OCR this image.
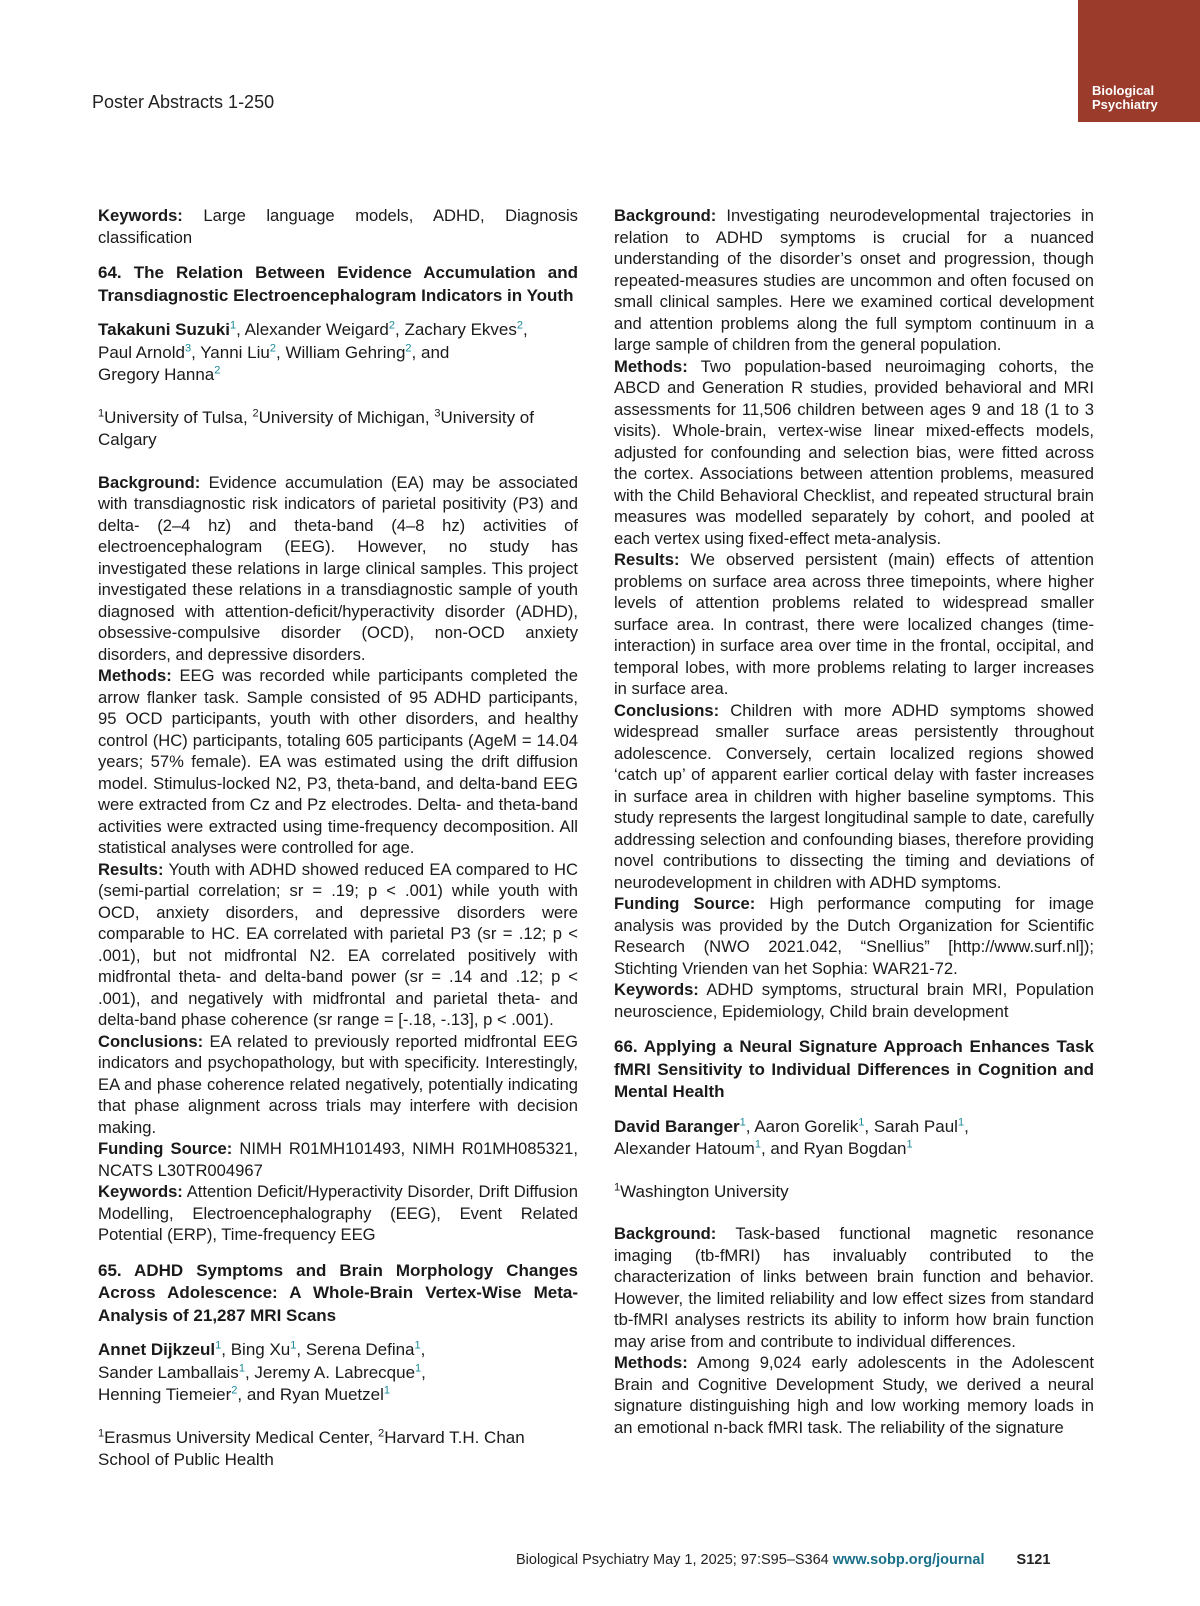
Poster Abstracts 1-250
Biological
Psychiatry

Keywords: Large language models, ADHD, Diagnosis classification

64. The Relation Between Evidence Accumulation and Transdiagnostic Electroencephalogram Indicators in Youth
Takakuni Suzuki$^1$, Alexander Weigard$^2$, Zachary Ekves$^2$,
Paul Arnold$^3$, Yanni Liu$^2$, William Gehring$^2$, and
Gregory Hanna$^2$
$^1$University of Tulsa, $^2$University of Michigan, $^3$University of Calgary

Background: Evidence accumulation (EA) may be associated with transdiagnostic risk indicators of parietal positivity (P3) and delta- (2–4 hz) and theta-band (4–8 hz) activities of electroencephalogram (EEG). However, no study has investigated these relations in large clinical samples. This project investigated these relations in a transdiagnostic sample of youth diagnosed with attention-deficit/hyperactivity disorder (ADHD), obsessive-compulsive disorder (OCD), non-OCD anxiety disorders, and depressive disorders.

Methods: EEG was recorded while participants completed the arrow flanker task. Sample consisted of 95 ADHD participants, 95 OCD participants, youth with other disorders, and healthy control (HC) participants, totaling 605 participants (AgeM = 14.04 years; 57% female). EA was estimated using the drift diffusion model. Stimulus-locked N2, P3, theta-band, and delta-band EEG were extracted from Cz and Pz electrodes. Delta- and theta-band activities were extracted using time-frequency decomposition. All statistical analyses were controlled for age.

Results: Youth with ADHD showed reduced EA compared to HC (semi-partial correlation; sr = .19; p < .001) while youth with OCD, anxiety disorders, and depressive disorders were comparable to HC. EA correlated with parietal P3 (sr = .12; p < .001), but not midfrontal N2. EA correlated positively with midfrontal theta- and delta-band power (sr = .14 and .12; p < .001), and negatively with midfrontal and parietal theta- and delta-band phase coherence (sr range = [-.18, -.13], p < .001).

Conclusions: EA related to previously reported midfrontal EEG indicators and psychopathology, but with specificity. Interestingly, EA and phase coherence related negatively, potentially indicating that phase alignment across trials may interfere with decision making.

Funding Source: NIMH R01MH101493, NIMH R01MH085321, NCATS L30TR004967

Keywords: Attention Deficit/Hyperactivity Disorder, Drift Diffusion Modelling, Electroencephalography (EEG), Event Related Potential (ERP), Time-frequency EEG

65. ADHD Symptoms and Brain Morphology Changes Across Adolescence: A Whole-Brain Vertex-Wise Meta-Analysis of 21,287 MRI Scans
Annet Dijkzeul$^1$, Bing Xu$^1$, Serena Defina$^1$,
Sander Lamballais$^1$, Jeremy A. Labrecque$^1$,
Henning Tiemeier$^2$, and Ryan Muetzel$^1$
$^1$Erasmus University Medical Center, $^2$Harvard T.H. Chan School of Public Health

Background: Investigating neurodevelopmental trajectories in relation to ADHD symptoms is crucial for a nuanced understanding of the disorder’s onset and progression, though repeated-measures studies are uncommon and often focused on small clinical samples. Here we examined cortical development and attention problems along the full symptom continuum in a large sample of children from the general population.

Methods: Two population-based neuroimaging cohorts, the ABCD and Generation R studies, provided behavioral and MRI assessments for 11,506 children between ages 9 and 18 (1 to 3 visits). Whole-brain, vertex-wise linear mixed-effects models, adjusted for confounding and selection bias, were fitted across the cortex. Associations between attention problems, measured with the Child Behavioral Checklist, and repeated structural brain measures was modelled separately by cohort, and pooled at each vertex using fixed-effect meta-analysis.

Results: We observed persistent (main) effects of attention problems on surface area across three timepoints, where higher levels of attention problems related to widespread smaller surface area. In contrast, there were localized changes (time-interaction) in surface area over time in the frontal, occipital, and temporal lobes, with more problems relating to larger increases in surface area.

Conclusions: Children with more ADHD symptoms showed widespread smaller surface areas persistently throughout adolescence. Conversely, certain localized regions showed ‘catch up’ of apparent earlier cortical delay with faster increases in surface area in children with higher baseline symptoms. This study represents the largest longitudinal sample to date, carefully addressing selection and confounding biases, therefore providing novel contributions to dissecting the timing and deviations of neurodevelopment in children with ADHD symptoms.

Funding Source: High performance computing for image analysis was provided by the Dutch Organization for Scientific Research (NWO 2021.042, “Snellius” [http://www.surf.nl]); Stichting Vrienden van het Sophia: WAR21-72.

Keywords: ADHD symptoms, structural brain MRI, Population neuroscience, Epidemiology, Child brain development

66. Applying a Neural Signature Approach Enhances Task fMRI Sensitivity to Individual Differences in Cognition and Mental Health
David Baranger$^1$, Aaron Gorelik$^1$, Sarah Paul$^1$,
Alexander Hatoum$^1$, and Ryan Bogdan$^1$
$^1$Washington University

Background: Task-based functional magnetic resonance imaging (tb-fMRI) has invaluably contributed to the characterization of links between brain function and behavior. However, the limited reliability and low effect sizes from standard tb-fMRI analyses restricts its ability to inform how brain function may arise from and contribute to individual differences.

Methods: Among 9,024 early adolescents in the Adolescent Brain and Cognitive Development Study, we derived a neural signature distinguishing high and low working memory loads in an emotional n-back fMRI task. The reliability of the signature

Biological Psychiatry May 1, 2025; 97:S95–S364 www.sobp.org/journal S121
